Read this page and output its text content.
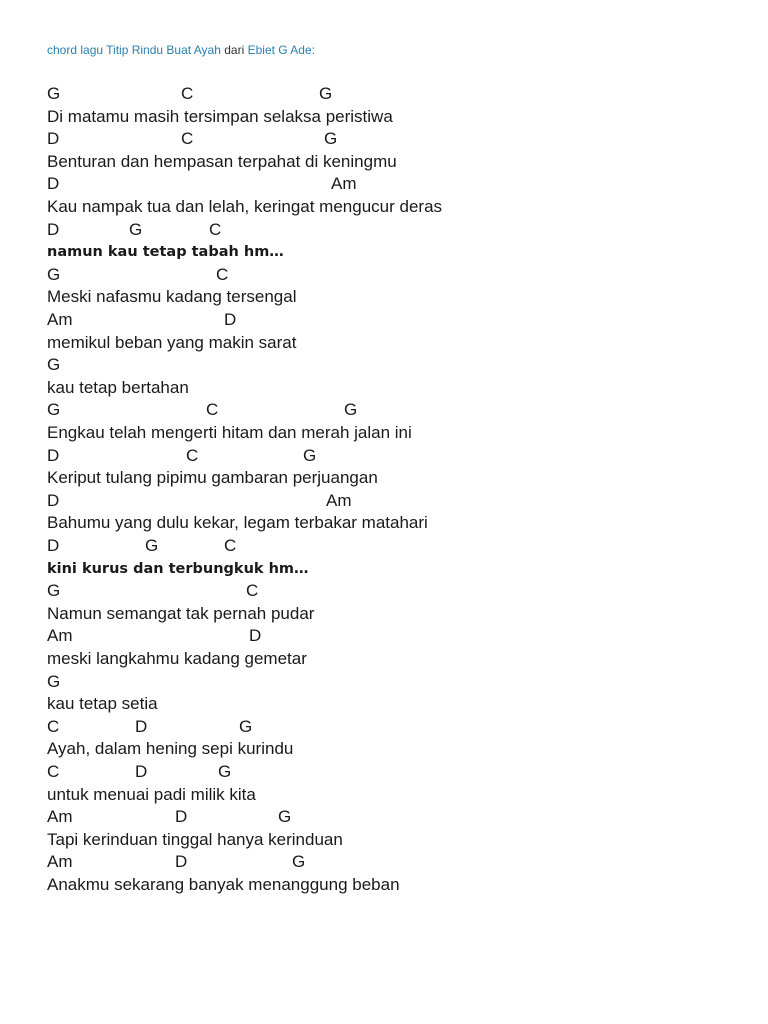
chord lagu Titip Rindu Buat Ayah dari Ebiet G Ade:
G	C	G
Di matamu masih tersimpan selaksa peristiwa
D	C	G
Benturan dan hempasan terpahat di keningmu
D	Am
Kau nampak tua dan lelah, keringat mengucur deras
D	G	C
namun kau tetap tabah hm…
G	C
Meski nafasmu kadang tersengal
Am	D
memikul beban yang makin sarat
G
kau tetap bertahan
G	C	G
Engkau telah mengerti hitam dan merah jalan ini
D	C	G
Keriput tulang pipimu gambaran perjuangan
D	Am
Bahumu yang dulu kekar, legam terbakar matahari
D	G	C
kini kurus dan terbungkuk hm…
G	C
Namun semangat tak pernah pudar
Am	D
meski langkahmu kadang gemetar
G
kau tetap setia
C	D	G
Ayah, dalam hening sepi kurindu
C	D	G
untuk menuai padi milik kita
Am	D	G
Tapi kerinduan tinggal hanya kerinduan
Am	D	G
Anakmu sekarang banyak menanggung beban
